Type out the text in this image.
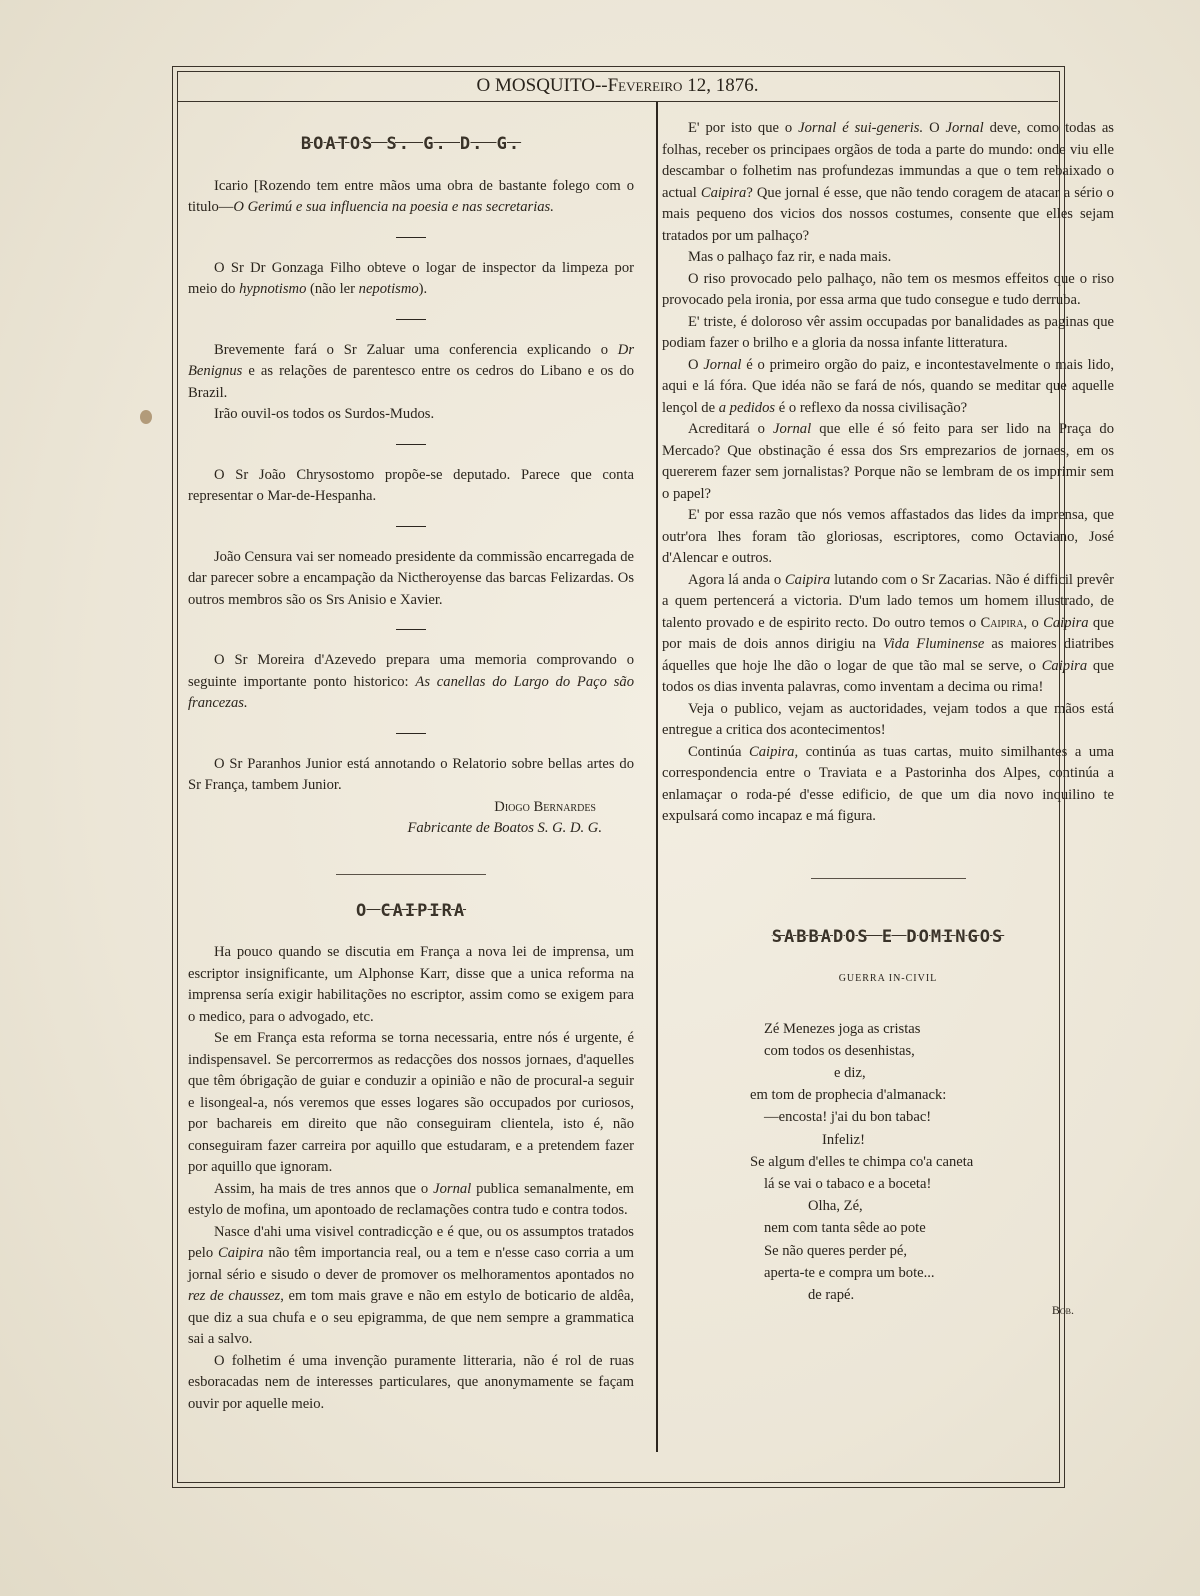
O MOSQUITO--Fevereiro 12, 1876.
BOATOS S. G. D. G.

Icario [Rozendo tem entre mãos uma obra de bastante folego com o titulo—O Gerimú e sua influencia na poesia e nas secretarias.

O Sr Dr Gonzaga Filho obteve o logar de inspector da limpeza por meio do hypnotismo (não ler nepotismo).

Brevemente fará o Sr Zaluar uma conferencia explicando o Dr Benignus e as relações de parentesco entre os cedros do Libano e os do Brazil.

Irão ouvil-os todos os Surdos-Mudos.

O Sr João Chrysostomo propõe-se deputado. Parece que conta representar o Mar-de-Hespanha.

João Censura vai ser nomeado presidente da commissão encarregada de dar parecer sobre a encampação da Nictheroyense das barcas Felizardas. Os outros membros são os Srs Anisio e Xavier.

O Sr Moreira d'Azevedo prepara uma memoria comprovando o seguinte importante ponto historico: As canellas do Largo do Paço são francezas.

O Sr Paranhos Junior está annotando o Relatorio sobre bellas artes do Sr França, tambem Junior.

Diogo Bernardes

Fabricante de Boatos S. G. D. G.

O CAIPIRA

Ha pouco quando se discutia em França a nova lei de imprensa, um escriptor insignificante, um Alphonse Karr, disse que a unica reforma na imprensa sería exigir habilitações no escriptor, assim como se exigem para o medico, para o advogado, etc.

Se em França esta reforma se torna necessaria, entre nós é urgente, é indispensavel. Se percorrermos as redacções dos nossos jornaes, d'aquelles que têm óbrigação de guiar e conduzir a opinião e não de procural-a seguir e lisongeal-a, nós veremos que esses logares são occupados por curiosos, por bachareis em direito que não conseguiram clientela, isto é, não conseguiram fazer carreira por aquillo que estudaram, e a pretendem fazer por aquillo que ignoram.

Assim, ha mais de tres annos que o Jornal publica semanalmente, em estylo de mofina, um apontoado de reclamações contra tudo e contra todos.

Nasce d'ahi uma visivel contradicção e é que, ou os assumptos tratados pelo Caipira não têm importancia real, ou a tem e n'esse caso corria a um jornal sério e sisudo o dever de promover os melhoramentos apontados no rez de chaussez, em tom mais grave e não em estylo de boticario de aldêa, que diz a sua chufa e o seu epigramma, de que nem sempre a grammatica sai a salvo.

O folhetim é uma invenção puramente litteraria, não é rol de ruas esboracadas nem de interesses particulares, que anonymamente se façam ouvir por aquelle meio.

E' por isto que o Jornal é sui-generis. O Jornal deve, como todas as folhas, receber os principaes orgãos de toda a parte do mundo: onde viu elle descambar o folhetim nas profundezas immundas a que o tem rebaixado o actual Caipira? Que jornal é esse, que não tendo coragem de atacar a sério o mais pequeno dos vicios dos nossos costumes, consente que elles sejam tratados por um palhaço?

Mas o palhaço faz rir, e nada mais.

O riso provocado pelo palhaço, não tem os mesmos effeitos que o riso provocado pela ironia, por essa arma que tudo consegue e tudo derruba.

E' triste, é doloroso vêr assim occupadas por banalidades as paginas que podiam fazer o brilho e a gloria da nossa infante litteratura.

O Jornal é o primeiro orgão do paiz, e incontestavelmente o mais lido, aqui e lá fóra. Que idéa não se fará de nós, quando se meditar que aquelle lençol de a pedidos é o reflexo da nossa civilisação?

Acreditará o Jornal que elle é só feito para ser lido na Praça do Mercado? Que obstinação é essa dos Srs emprezarios de jornaes, em os quererem fazer sem jornalistas? Porque não se lembram de os imprimir sem o papel?

E' por essa razão que nós vemos affastados das lides da imprensa, que outr'ora lhes foram tão gloriosas, escriptores, como Octaviano, José d'Alencar e outros.

Agora lá anda o Caipira lutando com o Sr Zacarias. Não é difficil prevêr a quem pertencerá a victoria. D'um lado temos um homem illustrado, de talento provado e de espirito recto. Do outro temos o Caipira, o Caipira que por mais de dois annos dirigiu na Vida Fluminense as maiores diatribes áquelles que hoje lhe dão o logar de que tão mal se serve, o Caipira que todos os dias inventa palavras, como inventam a decima ou rima!

Veja o publico, vejam as auctoridades, vejam todos a que mãos está entregue a critica dos acontecimentos!

Continúa Caipira, continúa as tuas cartas, muito similhantes a uma correspondencia entre o Traviata e a Pastorinha dos Alpes, continúa a enlamaçar o roda-pé d'esse edificio, de que um dia novo inquilino te expulsará como incapaz e má figura.

SABBADOS E DOMINGOS
GUERRA IN-CIVIL
Zé Menezes joga as cristas
com todos os desenhistas,
e diz,
em tom de prophecia d'almanack:
—encosta! j'ai du bon tabac!
Infeliz!
Se algum d'elles te chimpa co'a caneta
lá se vai o tabaco e a boceta!
Olha, Zé,
nem com tanta sêde ao pote
Se não queres perder pé,
aperta-te e compra um bote...
de rapé.
Bob.
